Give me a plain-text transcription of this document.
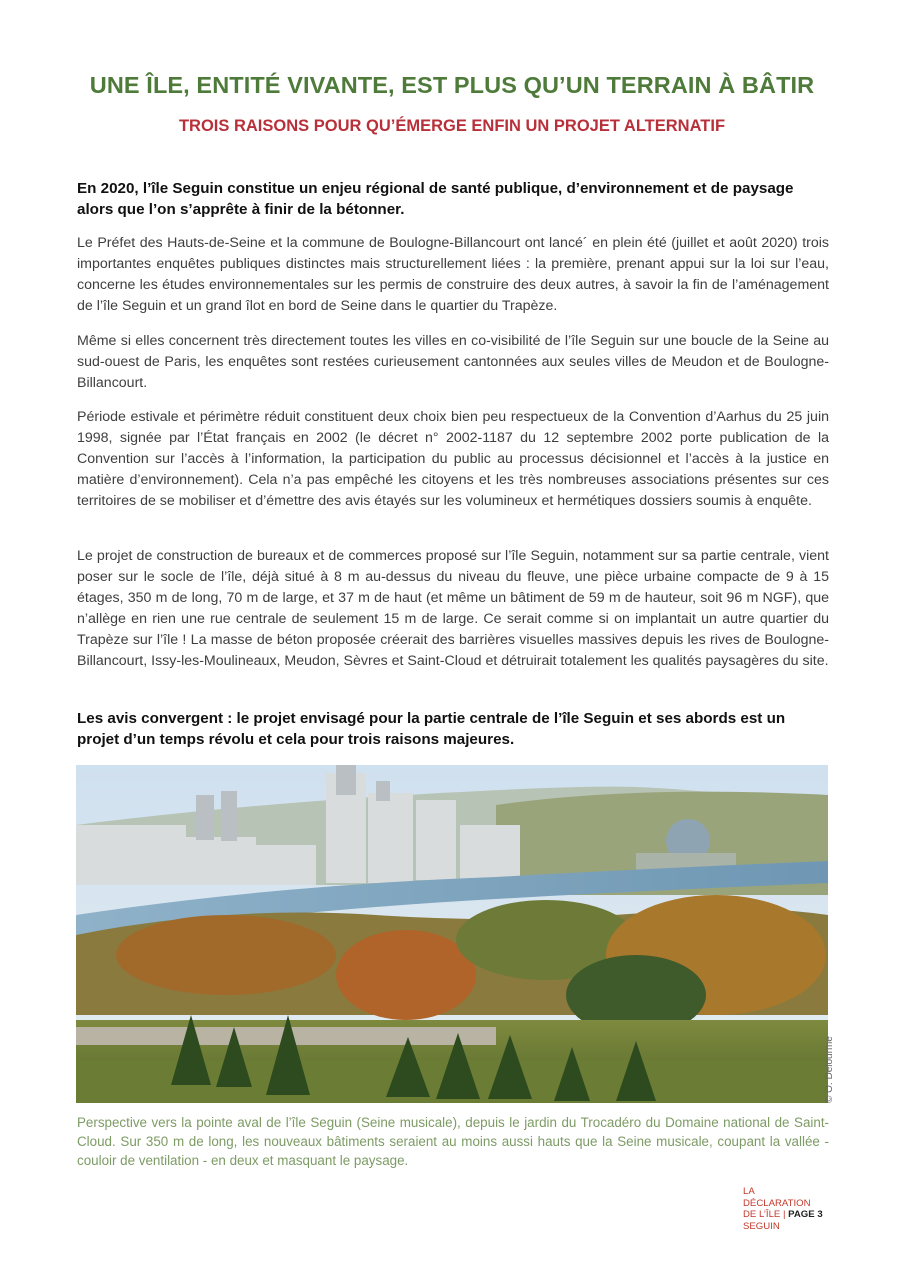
UNE ÎLE, ENTITÉ VIVANTE, EST PLUS QU’UN TERRAIN À BÂTIR
TROIS RAISONS POUR QU’ÉMERGE ENFIN UN PROJET ALTERNATIF

En 2020, l’île Seguin constitue un enjeu régional de santé publique, d’environnement et de paysage alors que l’on s’apprête à finir de la bétonner.

Le Préfet des Hauts-de-Seine et la commune de Boulogne-Billancourt ont lancé´ en plein été (juillet et août 2020) trois importantes enquêtes publiques distinctes mais structurellement liées : la première, prenant appui sur la loi sur l’eau, concerne les études environnementales sur les permis de construire des deux autres, à savoir la fin de l’aménagement de l’île Seguin et un grand îlot en bord de Seine dans le quartier du Trapèze.

Même si elles concernent très directement toutes les villes en co-visibilité de l’île Seguin sur une boucle de la Seine au sud-ouest de Paris, les enquêtes sont restées curieusement cantonnées aux seules villes de Meudon et de Boulogne-Billancourt.

Période estivale et périmètre réduit constituent deux choix bien peu respectueux de la Convention d’Aarhus du 25 juin 1998, signée par l’État français en 2002 (le décret n° 2002-1187 du 12 septembre 2002 porte publication de la Convention sur l’accès à l’information, la participation du public au processus décisionnel et l’accès à la justice en matière d’environnement). Cela n’a pas empêché les citoyens et les très nombreuses associations présentes sur ces territoires de se mobiliser et d’émettre des avis étayés sur les volumineux et hermétiques dossiers soumis à enquête.

Le projet de construction de bureaux et de commerces proposé sur l’île Seguin, notamment sur sa partie centrale, vient poser sur le socle de l’île, déjà situé à 8 m au-dessus du niveau du fleuve, une pièce urbaine compacte de 9 à 15 étages, 350 m de long, 70 m de large, et 37 m de haut (et même un bâtiment de 59 m de hauteur, soit 96 m NGF), que n’allège en rien une rue centrale de seulement 15 m de large. Ce serait comme si on implantait un autre quartier du Trapèze sur l’île ! La masse de béton proposée créerait des barrières visuelles massives depuis les rives de Boulogne-Billancourt, Issy-les-Moulineaux, Meudon, Sèvres et Saint-Cloud et détruirait totalement les qualités paysagères du site.

Les avis convergent : le projet envisagé pour la partie centrale de l’île Seguin et ses abords est un projet d’un temps révolu et cela pour trois raisons majeures.

© O. Delourme

Perspective vers la pointe aval de l’île Seguin (Seine musicale), depuis le jardin du Trocadéro du Domaine national de Saint-Cloud. Sur 350 m de long, les nouveaux bâtiments seraient au moins aussi hauts que la Seine musicale, coupant la vallée - couloir de ventilation - en deux et masquant le paysage.

LA
DÉCLARATION
DE L’ÎLE | PAGE 3
SEGUIN
